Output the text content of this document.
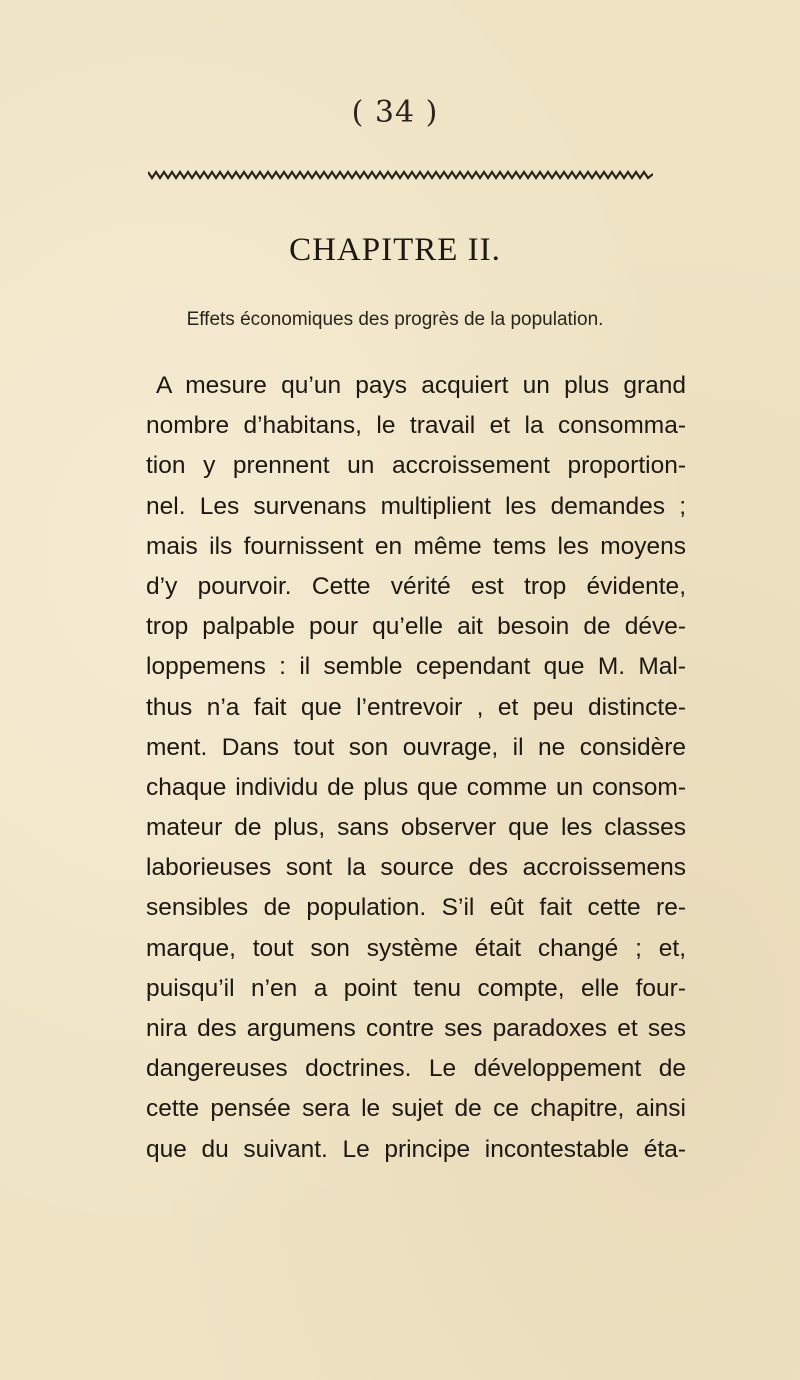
( 34 )
CHAPITRE II.
Effets économiques des progrès de la population.
A mesure qu’un pays acquiert un plus grand
nombre d’habitans, le travail et la consomma-
tion y prennent un accroissement proportion-
nel. Les survenans multiplient les demandes ;
mais ils fournissent en même tems les moyens
d’y pourvoir. Cette vérité est trop évidente,
trop palpable pour qu’elle ait besoin de déve-
loppemens : il semble cependant que M. Mal-
thus n’a fait que l’entrevoir , et peu distincte-
ment. Dans tout son ouvrage, il ne considère
chaque individu de plus que comme un consom-
mateur de plus, sans observer que les classes
laborieuses sont la source des accroissemens
sensibles de population. S’il eût fait cette re-
marque, tout son système était changé ; et,
puisqu’il n’en a point tenu compte, elle four-
nira des argumens contre ses paradoxes et ses
dangereuses doctrines. Le développement de
cette pensée sera le sujet de ce chapitre, ainsi
que du suivant. Le principe incontestable éta-
